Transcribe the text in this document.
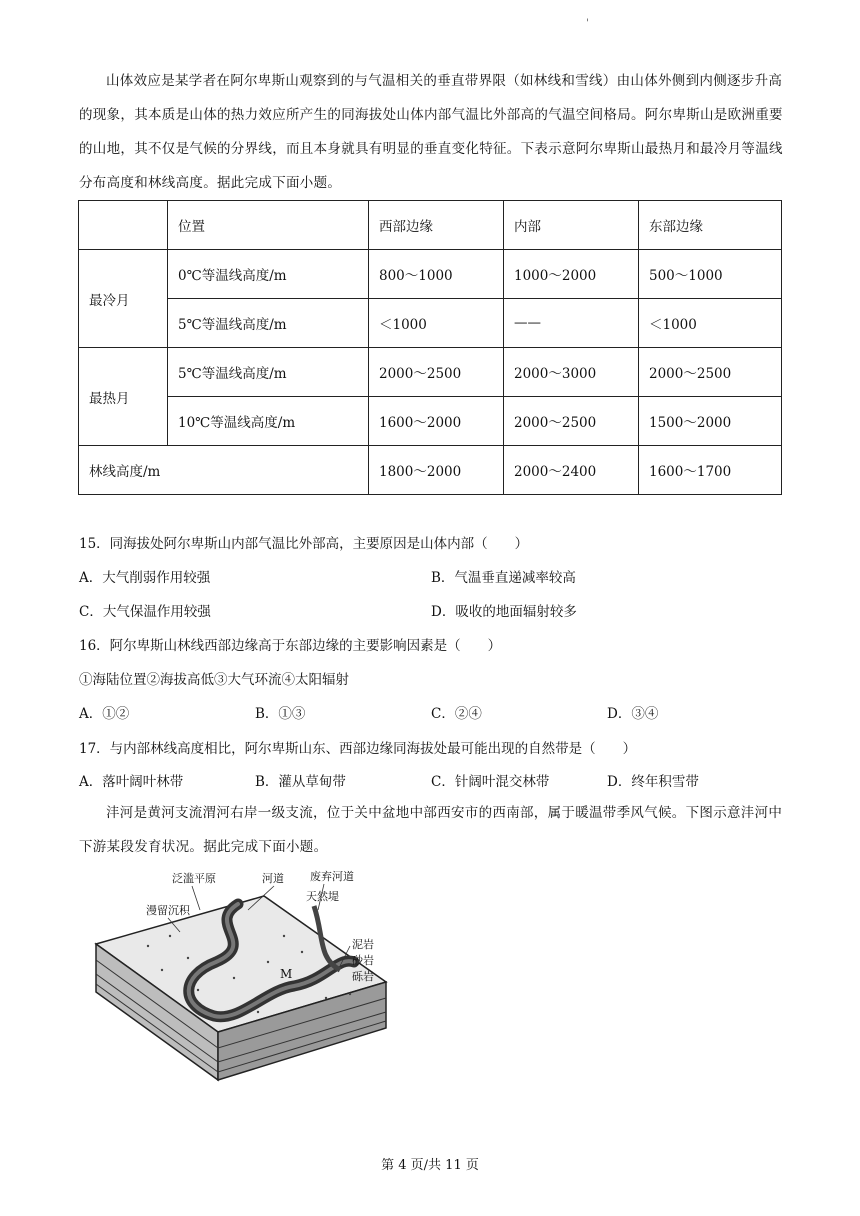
'
山体效应是某学者在阿尔卑斯山观察到的与气温相关的垂直带界限（如林线和雪线）由山体外侧到内侧逐步升高的现象，其本质是山体的热力效应所产生的同海拔处山体内部气温比外部高的气温空间格局。阿尔卑斯山是欧洲重要的山地，其不仅是气候的分界线，而且本身就具有明显的垂直变化特征。下表示意阿尔卑斯山最热月和最冷月等温线分布高度和林线高度。据此完成下面小题。
	位置	西部边缘	内部	东部边缘
最冷月	0℃等温线高度/m	800～1000	1000～2000	500～1000
	5℃等温线高度/m	＜1000	——	＜1000
最热月	5℃等温线高度/m	2000～2500	2000～3000	2000～2500
	10℃等温线高度/m	1600～2000	2000～2500	1500～2000
林线高度/m		1800～2000	2000～2400	1600～1700
15．同海拔处阿尔卑斯山内部气温比外部高，主要原因是山体内部（　　）
A．大气削弱作用较强	B．气温垂直递减率较高
C．大气保温作用较强	D．吸收的地面辐射较多
16．阿尔卑斯山林线西部边缘高于东部边缘的主要影响因素是（　　）
①海陆位置②海拔高低③大气环流④太阳辐射
A．①②	B．①③	C．②④	D．③④
17．与内部林线高度相比，阿尔卑斯山东、西部边缘同海拔处最可能出现的自然带是（　　）
A．落叶阔叶林带	B．灌从草甸带	C．针阔叶混交林带	D．终年积雪带
沣河是黄河支流渭河右岸一级支流，位于关中盆地中部西安市的西南部，属于暖温带季风气候。下图示意沣河中下游某段发育状况。据此完成下面小题。
泛滥平原	河道 废弃河道
天然堤
漫留沉积
泥岩
砂岩
砾岩
M
第 4 页/共 11 页
